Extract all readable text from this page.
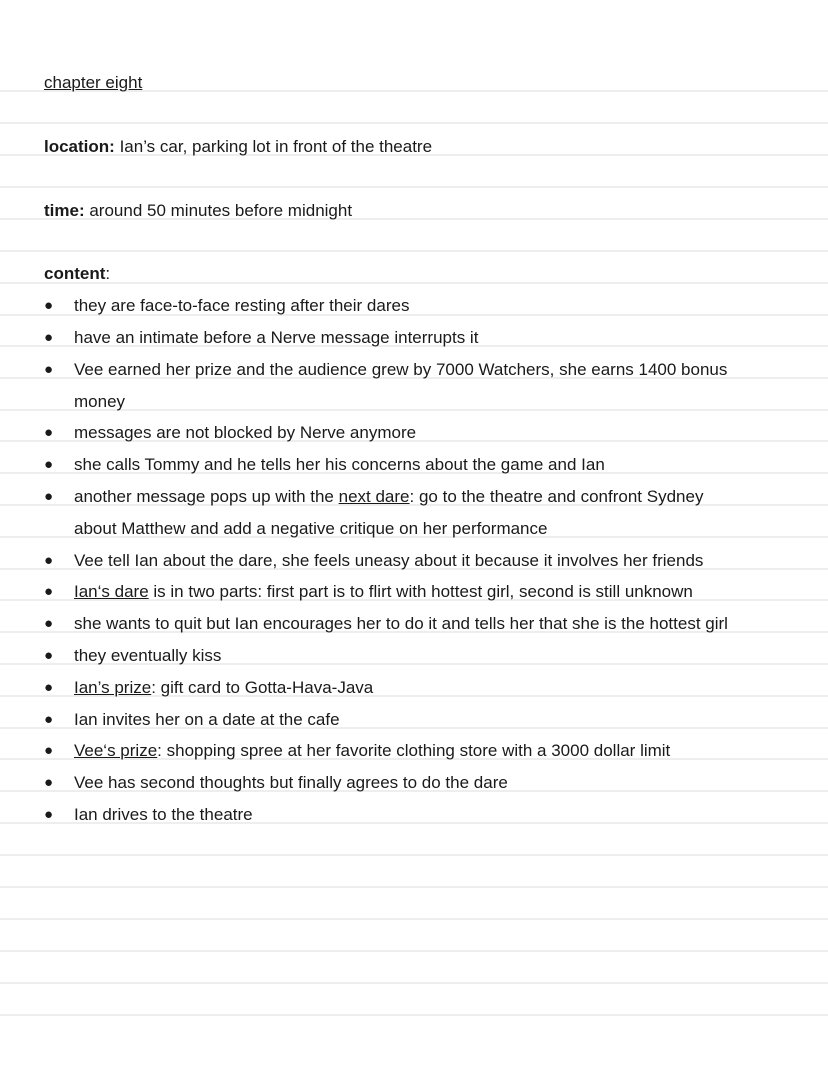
chapter eight
location: Ian’s car, parking lot in front of the theatre
time: around 50 minutes before midnight
content:
● they are face-to-face resting after their dares
● have an intimate before a Nerve message interrupts it
● Vee earned her prize and the audience grew by 7000 Watchers, she earns 1400 bonus
money
● messages are not blocked by Nerve anymore
● she calls Tommy and he tells her his concerns about the game and Ian
● another message pops up with the next dare: go to the theatre and confront Sydney
about Matthew and add a negative critique on her performance
● Vee tell Ian about the dare, she feels uneasy about it because it involves her friends
● Ian‘s dare is in two parts: first part is to flirt with hottest girl, second is still unknown
● she wants to quit but Ian encourages her to do it and tells her that she is the hottest girl
● they eventually kiss
● Ian’s prize: gift card to Gotta-Hava-Java
● Ian invites her on a date at the cafe
● Vee‘s prize: shopping spree at her favorite clothing store with a 3000 dollar limit
● Vee has second thoughts but finally agrees to do the dare
● Ian drives to the theatre
